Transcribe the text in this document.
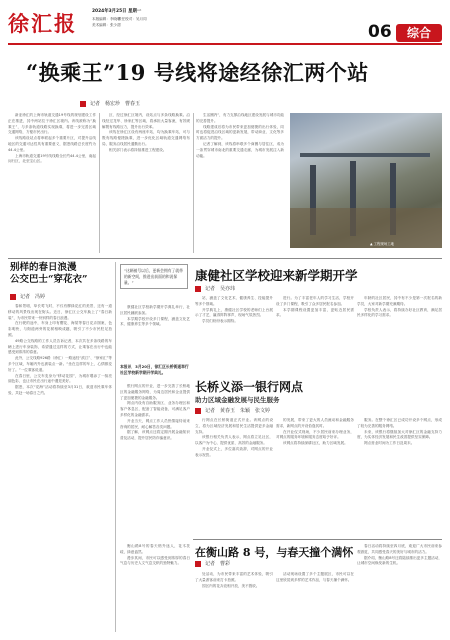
徐汇报	2024年3月25日 星期一
本版编辑：李晓琳
美术编辑：张少甜
责任校对：吴月同
06	综合
“换乘王”19 号线将途经徐汇两个站
记者　杨宏珍　曹春玉

新亚徐汇的上海市轨道交通19号线的规划建设工作正在推进，其中两站位于徐汇区境内。该线被称为“换乘王”，与多条轨道线路实现换乘，将进一步完善区域交通网络，方便市民出行。

该线路设站点将串联起多个重要片区，对提升沿线地区的交通可达性具有重要意义，据悉线路总长度约为44.4公里。

上海市轨道交通19号线线路全长约44.4公里，南起闵行区，北至宝山区。

区、经过徐汇区境内，设站点与多条线路换乘。沿线经过龙华、徐家汇等区域，将承担大量客流，有效缓解既有线路压力，提升出行效率。

该线在徐汇区设有两座车站，均为换乘车站，可与既有线路便捷换乘，进一步优化区域轨道交通网络布局，服务沿线居民通勤出行。

相关部门表示将持续推进工程建设。

生活圈内“，有力支撑沿线地区建设发展与城市功能的完善提升。

线路建成后将为市民带来更加便捷的出行体验，同时也将促进沿线区域的更新发展，带动商业、文化等多方面活力的提升。

记者了解到，该线将串联多个商圈与居住区，成为一条贯穿城市南北的重要交通走廊，为城市发展注入新动能。

▲ 工程现场工地
别样的春日浪漫
公交巴士“穿花衣”
记者　冯婷

春和景明，草长莺飞时，不仅有柳绿花红的美景，还有一道移动的风景线出现在街头。近日，徐汇区公交车换上了“春日新装”，为市民带来一份别样的春日浪漫。

在行驶的途中，车身上印有樱花、海棠等春日花卉图案，色彩明快，与街道两旁的花树相映成趣，吸引了不少市民驻足拍照。

49路公交线路的工作人员告诉记者，本次共在多条线路的车辆上进行车身装饰，希望通过这样的方式，让乘客在出行中也能感受到浓浓的春意。

此外，公交线路926路（徐汇）一路途经“滨江”、“徐家汇”等多个区域，车厢内外也被装点一新。“坐在这样的车上，心情都变好了。”一位乘客说道。

在春日里，公交车变身为“移动花园”，为城市增添了一抹亮丽色彩，也让市民在出行途中遇见美好。

据悉，本次“花海”活动将持续至3月31日，欢迎市民乘车体验，共赴一场春日之约。

“这辆被号以后，更新会拥有了就带的新空间，推进出前面的和说保量。”	康健社区学校迎来新学期开学
记者　吴亦玮

康健社区学校新学期开学典礼举行，社区居民踊跃参加。

本学期学校开设多门课程，涵盖文化艺术、健康养生等多个领域。

站，涵盖了文化艺术、健康养生、技能提升等多个领域。

开学典礼上，康健社区学校的老师们上台展示了才艺，赢得阵阵掌声，现场气氛热烈。

学员们纷纷表示期待。

进行。为了丰富老年人的学习生活，学校开设了多门课程，吸引了众多居民报名参加。

本学期课程设置更加丰富，更贴近居民需求。

年龄的社区居民，其中有不少是第一次报名的新学员，大家对新学期充满期待。

学校负责人表示，将持续办好社区教育，满足居民多样化的学习需求。

本报讯　3月20日，徐汇区长桥街道举行社区学校新学期开学典礼。

银行网点的开业，进一步完善了长桥地区的金融服务网络，为周边居民和企业提供了更加便捷的金融服务。

网点内设有自助服务区、业务办理区和客户休息区，配备了智能设备，可满足客户多样化的金融需求。

开业当天，网点工作人员热情接待前来咨询的居民，耐心解答各类问题。

据了解，该网点还将定期开展金融知识普及活动，提升居民防诈骗意识。

长桥义添一银行网点
助力区域金融发展与民生服务
记者　黄春玉　朱颖　张文婷

行网点在长桥街道正式开业。该网点的设立，将为区域经济发展和居民生活提供更多金融支持。

该银行相关负责人表示，网点将立足社区，以客户为中心，提供优质、高效的金融服务。

开业仪式上，多位嘉宾致辞，对网点的开业表示祝贺。

的发展，带来了更大的人员流动和金融服务需求，新网点的开设恰逢其时。

在开业仪式现场，不少居民前来办理业务，对网点的服务环境和服务态度给予好评。

该网点将持续深耕社区，助力区域发展。

服务。在整个徐汇区已成功开设多个网点，形成了较为完善的服务网络。

未来，该银行将继续加大对徐汇区的金融支持力度，为实体经济发展和民生改善提供坚实保障。

网点营业时间为工作日及周末。

在衡山路 8 号，与春天撞个满怀
记者　曹彩

衡山路8号的春天格外迷人，花木扶疏，绿意盎然。

漫步其间，市民可以感受到浓厚的春日气息与历史人文气息交织的独特魅力。

处活动，为市民带来丰富的艺术体验，吸引了大量游客前来打卡拍照。

园区内的花卉竞相开放，美不胜收。

活动现场设置了多个主题展区，市民可以在这里欣赏到多样的艺术作品，与春天撞个满怀。

春日活动将持续至四月底，欢迎广大市民前来参观游览，共同感受春天的美好与城市的活力。

据介绍，衡山路8号还将陆续推出更多主题活动，让城市空间焕发新的生机。
